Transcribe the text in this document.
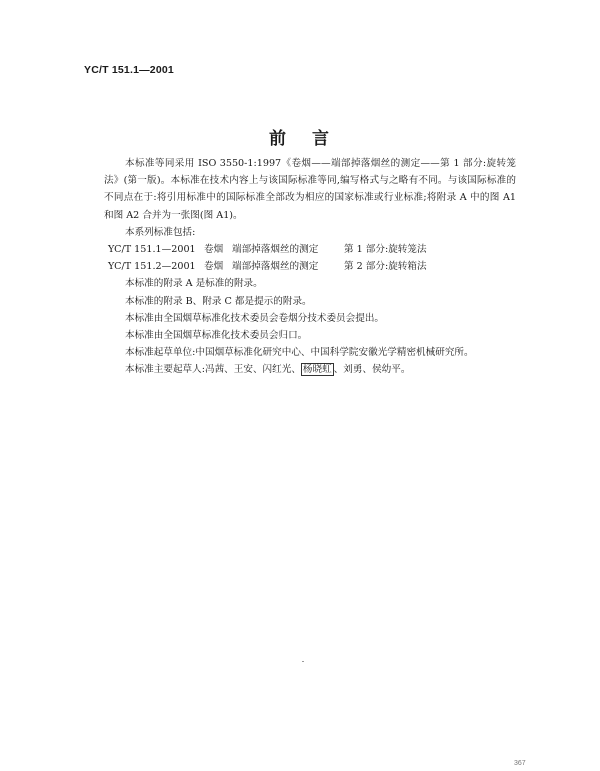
YC/T 151.1—2001
前言

本标准等同采用 ISO 3550-1:1997《卷烟——端部掉落烟丝的测定——第 1 部分:旋转笼法》(第一版)。本标准在技术内容上与该国际标准等同,编写格式与之略有不同。与该国际标准的不同点在于:将引用标准中的国际标准全部改为相应的国家标准或行业标准;将附录 A 中的图 A1 和图 A2 合并为一张图(图 A1)。

本系列标准包括:

YC/T 151.1—2001 卷烟 端部掉落烟丝的测定	第 1 部分:旋转笼法
YC/T 151.2—2001 卷烟 端部掉落烟丝的测定	第 2 部分:旋转箱法

本标准的附录 A 是标准的附录。

本标准的附录 B、附录 C 都是提示的附录。

本标准由全国烟草标准化技术委员会卷烟分技术委员会提出。

本标准由全国烟草标准化技术委员会归口。

本标准起草单位:中国烟草标准化研究中心、中国科学院安徽光学精密机械研究所。

本标准主要起草人:冯茜、王安、闪红光、 杨晓虹 、刘勇、侯幼平。

367
